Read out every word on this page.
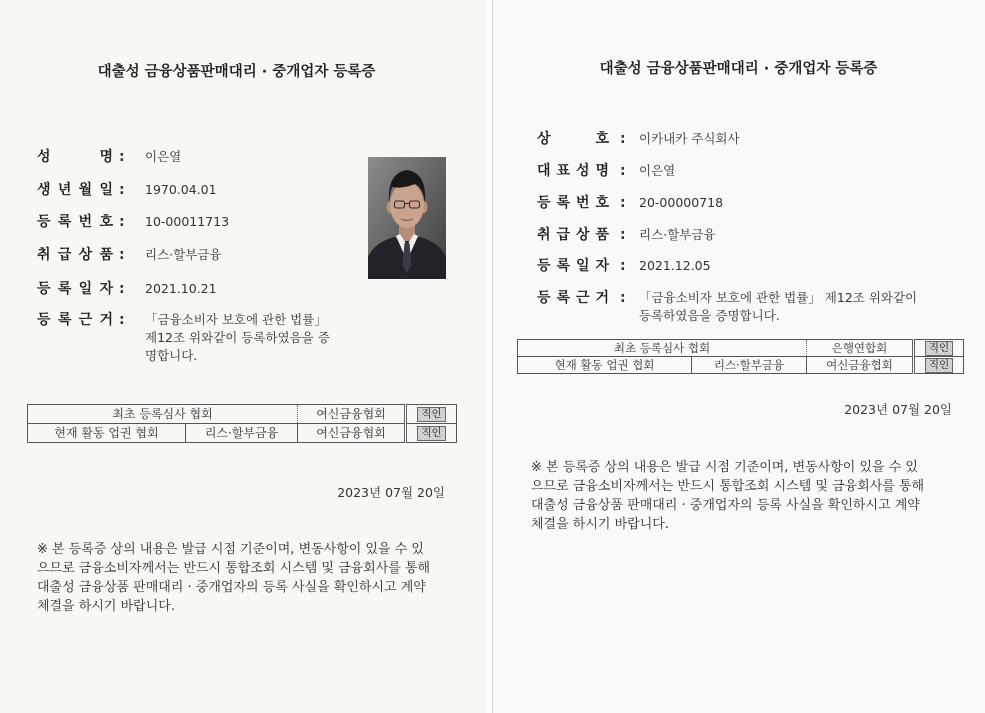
대출성 금융상품판매대리 · 중개업자 등록증
성	명 : 이은열
생 년 월 일 : 1970.04.01
등 록 번 호 : 10-00011713
취 급 상 품 : 리스·할부금융
등 록 일 자 : 2021.10.21
등 록 근 거 : 「금융소비자 보호에 관한 법률」
제12조 위와같이 등록하였음을 증
명합니다.
최초 등록심사 협회		여신금융협회	직인
현재 활동 업권 협회	리스·할부금융	여신금융협회	직인
2023년 07월 20일
※ 본 등록증 상의 내용은 발급 시점 기준이며, 변동사항이 있을 수 있
으므로 금융소비자께서는 반드시 통합조회 시스템 및 금융회사를 통해
대출성 금융상품 판매대리 · 중개업자의 등록 사실을 확인하시고 계약
체결을 하시기 바랍니다.
대출성 금융상품판매대리 · 중개업자 등록증
상	호 : 이카내카 주식회사
대 표 성 명 : 이은열
등 록 번 호 : 20-00000718
취 급 상 품 : 리스·할부금융
등 록 일 자 : 2021.12.05
등 록 근 거 : 「금융소비자 보호에 관한 법률」 제12조 위와같이
등록하였음을 증명합니다.
최초 등록심사 협회		은행연합회	직인
현재 활동 업권 협회	리스·할부금융	여신금융협회	직인
2023년 07월 20일
※ 본 등록증 상의 내용은 발급 시점 기준이며, 변동사항이 있을 수 있
으므로 금융소비자께서는 반드시 통합조회 시스템 및 금융회사를 통해
대출성 금융상품 판매대리 · 중개업자의 등록 사실을 확인하시고 계약
체결을 하시기 바랍니다.
